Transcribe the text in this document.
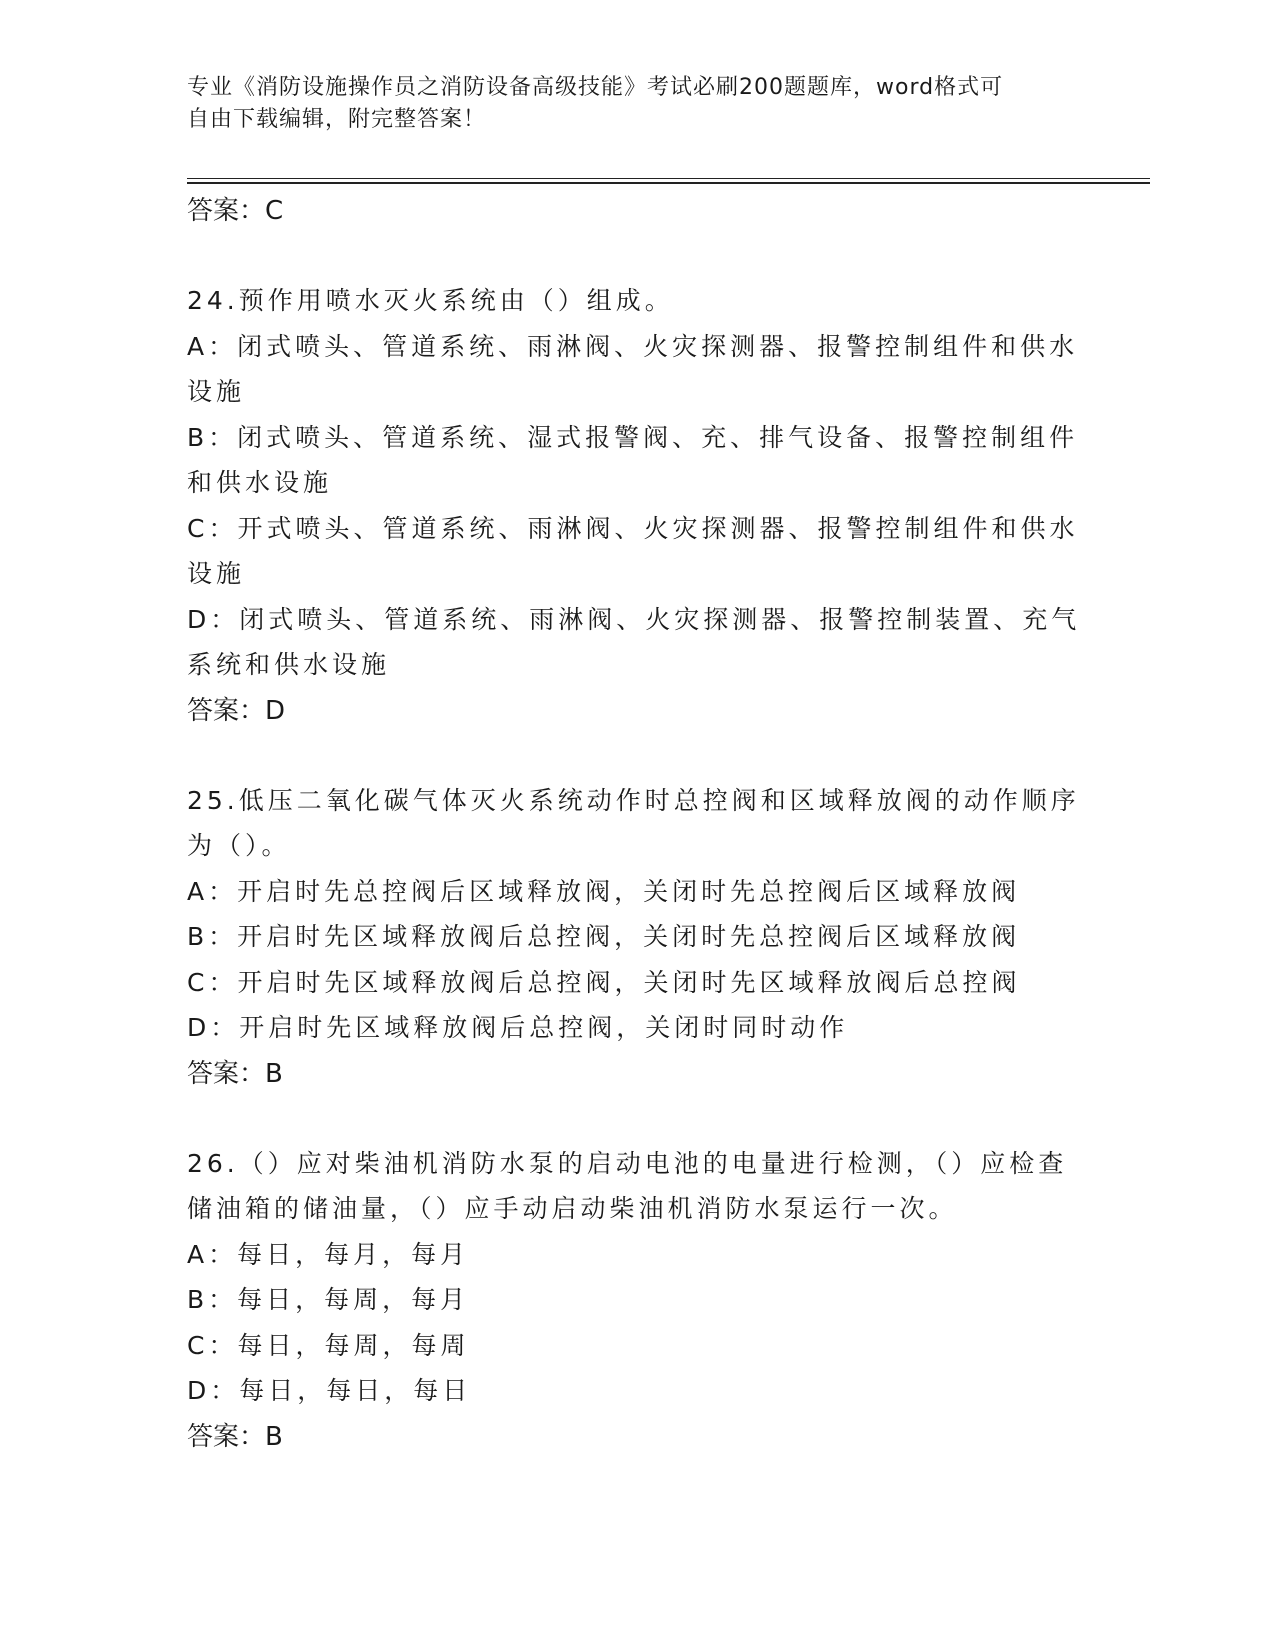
专业《消防设施操作员之消防设备高级技能》考试必刷200题题库，word格式可
自由下载编辑，附完整答案！
答案：C
24.预作用喷水灭火系统由（）组成。
A：闭式喷头、管道系统、雨淋阀、火灾探测器、报警控制组件和供水
设施
B：闭式喷头、管道系统、湿式报警阀、充、排气设备、报警控制组件
和供水设施
C：开式喷头、管道系统、雨淋阀、火灾探测器、报警控制组件和供水
设施
D：闭式喷头、管道系统、雨淋阀、火灾探测器、报警控制装置、充气
系统和供水设施
答案：D
25.低压二氧化碳气体灭火系统动作时总控阀和区域释放阀的动作顺序
为（）。
A：开启时先总控阀后区域释放阀，关闭时先总控阀后区域释放阀
B：开启时先区域释放阀后总控阀，关闭时先总控阀后区域释放阀
C：开启时先区域释放阀后总控阀，关闭时先区域释放阀后总控阀
D：开启时先区域释放阀后总控阀，关闭时同时动作
答案：B
26.（）应对柴油机消防水泵的启动电池的电量进行检测，（）应检查
储油箱的储油量，（）应手动启动柴油机消防水泵运行一次。
A：每日，每月，每月
B：每日，每周，每月
C：每日，每周，每周
D：每日，每日，每日
答案：B
